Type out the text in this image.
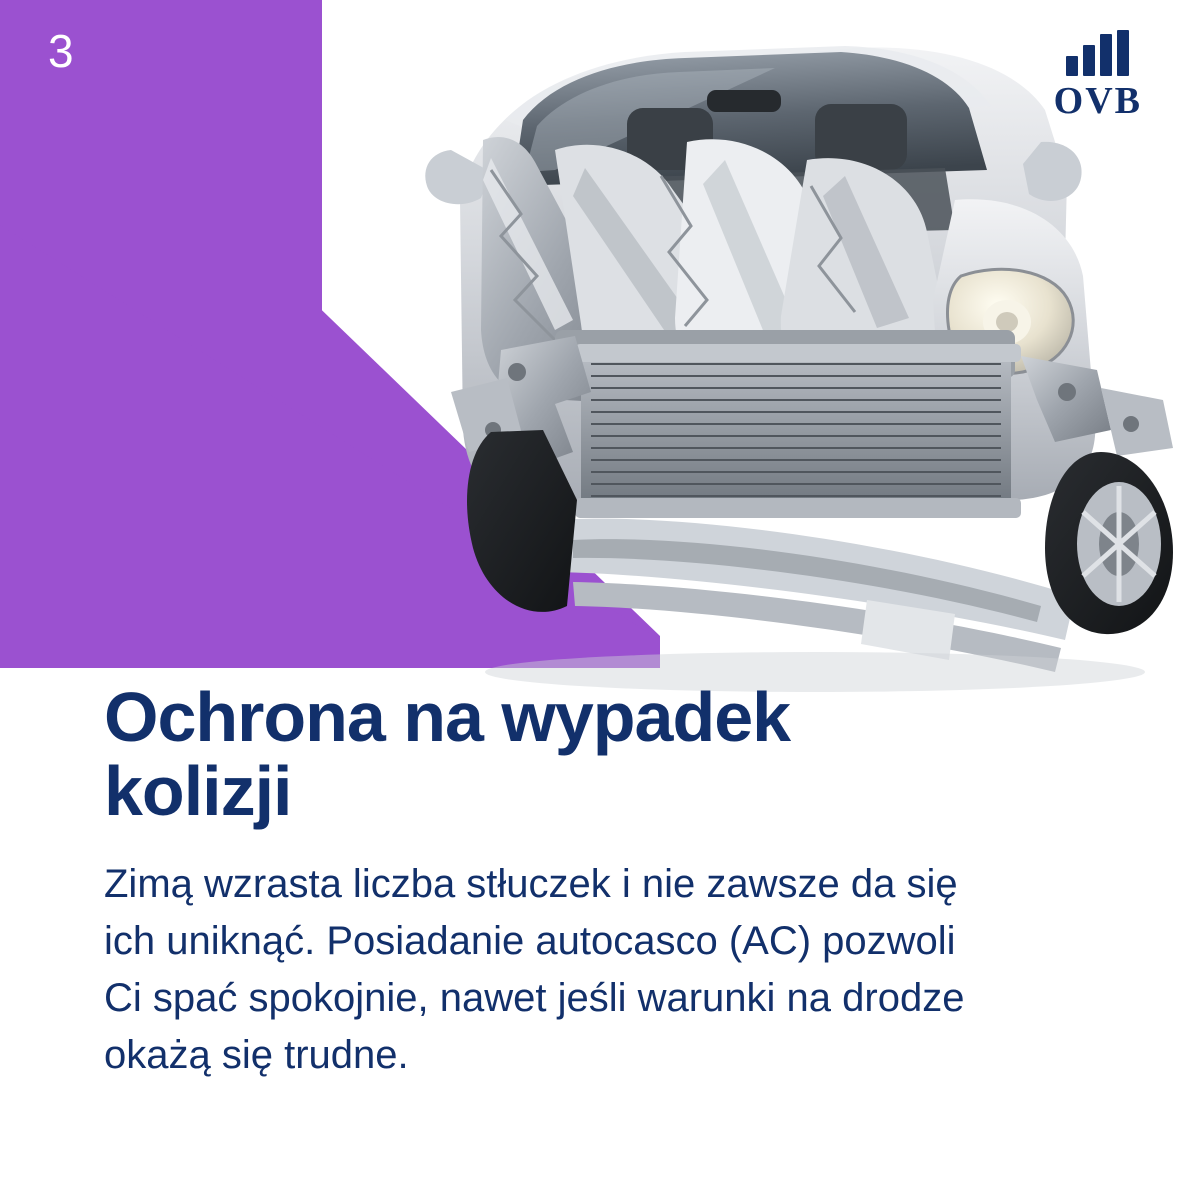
3
OVB
Ochrona na wypadek kolizji

Zimą wzrasta liczba stłuczek i nie zawsze da się ich uniknąć. Posiadanie autocasco (AC) pozwoli Ci spać spokojnie, nawet jeśli warunki na drodze okażą się trudne.
